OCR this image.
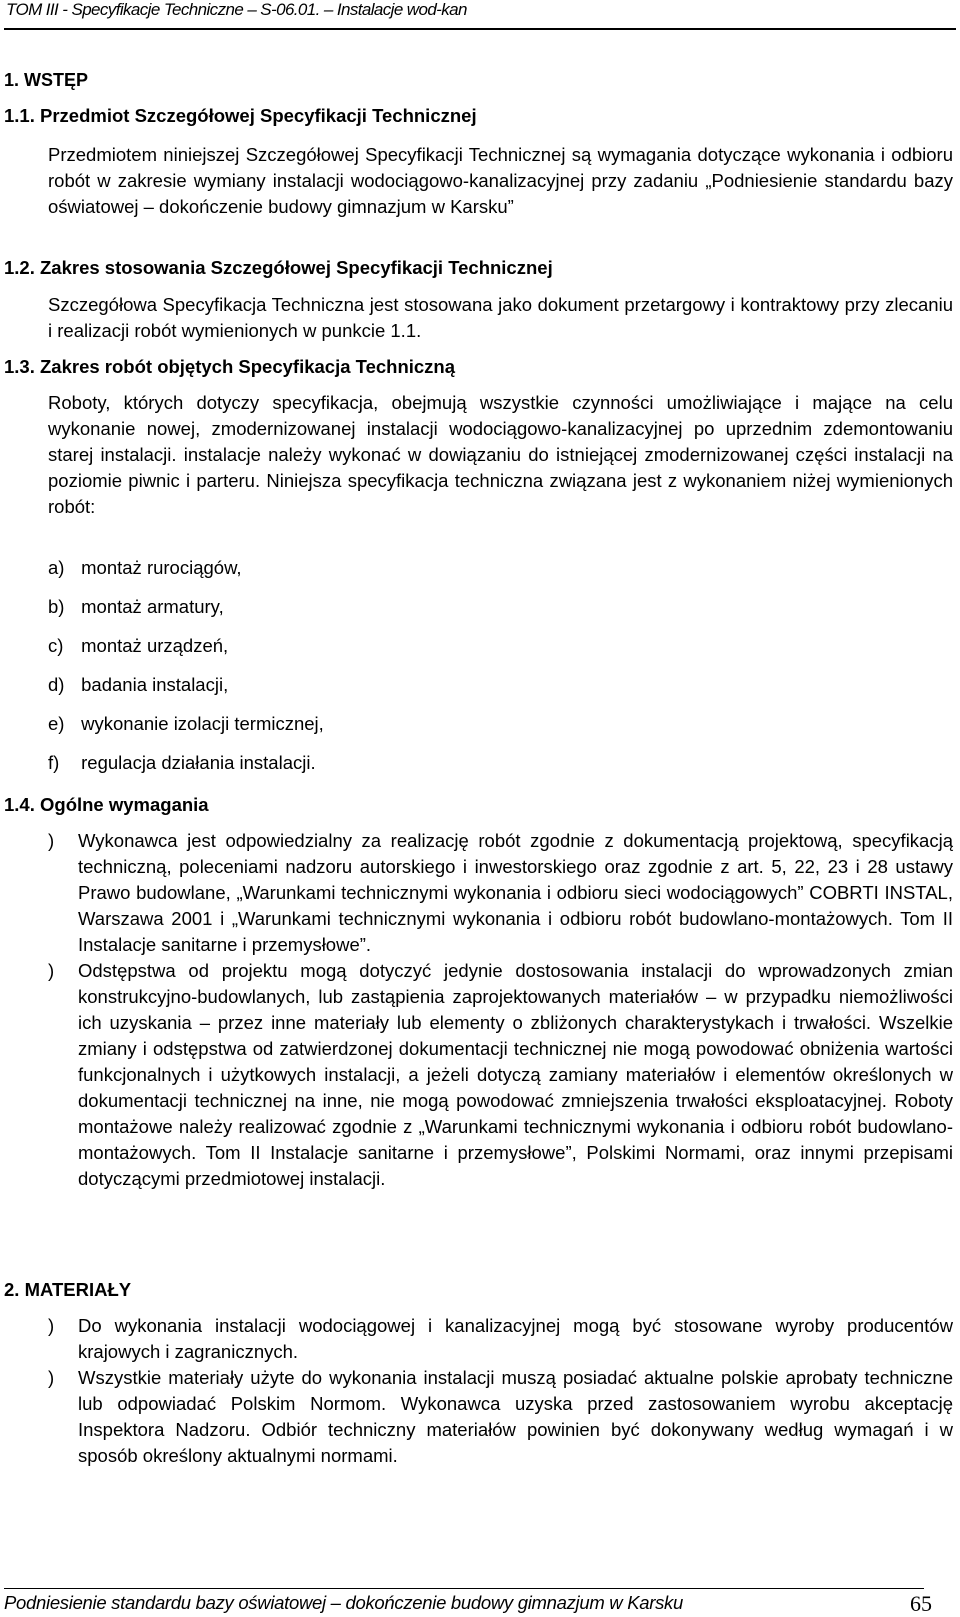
TOM III - Specyfikacje Techniczne – S-06.01. – Instalacje wod-kan
1. WSTĘP
1.1. Przedmiot Szczegółowej Specyfikacji Technicznej

Przedmiotem niniejszej Szczegółowej Specyfikacji Technicznej są wymagania dotyczące wykonania i odbioru robót w zakresie wymiany instalacji wodociągowo-kanalizacyjnej przy zadaniu „Podniesienie standardu bazy oświatowej – dokończenie budowy gimnazjum w Karsku”

1.2. Zakres stosowania Szczegółowej Specyfikacji Technicznej

Szczegółowa Specyfikacja Techniczna jest stosowana jako dokument przetargowy i kontraktowy przy zlecaniu i realizacji robót wymienionych w punkcie 1.1.

1.3. Zakres robót objętych Specyfikacja Techniczną

Roboty, których dotyczy specyfikacja, obejmują wszystkie czynności umożliwiające i mające na celu wykonanie nowej, zmodernizowanej instalacji wodociągowo-kanalizacyjnej po uprzednim zdemontowaniu starej instalacji. instalacje należy wykonać w dowiązaniu do istniejącej zmodernizowanej części instalacji na poziomie piwnic i parteru. Niniejsza specyfikacja techniczna związana jest z wykonaniem niżej wymienionych robót:

a) montaż rurociągów,
b) montaż armatury,
c) montaż urządzeń,
d) badania instalacji,
e) wykonanie izolacji termicznej,
f) regulacja działania instalacji.
1.4. Ogólne wymagania
) Wykonawca jest odpowiedzialny za realizację robót zgodnie z dokumentacją projektową, specyfikacją techniczną, poleceniami nadzoru autorskiego i inwestorskiego oraz zgodnie z art. 5, 22, 23 i 28 ustawy Prawo budowlane, „Warunkami technicznymi wykonania i odbioru sieci wodociągowych” COBRTI INSTAL, Warszawa 2001 i „Warunkami technicznymi wykonania i odbioru robót budowlano-montażowych. Tom II Instalacje sanitarne i przemysłowe”.
) Odstępstwa od projektu mogą dotyczyć jedynie dostosowania instalacji do wprowadzonych zmian konstrukcyjno-budowlanych, lub zastąpienia zaprojektowanych materiałów – w przypadku niemożliwości ich uzyskania – przez inne materiały lub elementy o zbliżonych charakterystykach i trwałości. Wszelkie zmiany i odstępstwa od zatwierdzonej dokumentacji technicznej nie mogą powodować obniżenia wartości funkcjonalnych i użytkowych instalacji, a jeżeli dotyczą zamiany materiałów i elementów określonych w dokumentacji technicznej na inne, nie mogą powodować zmniejszenia trwałości eksploatacyjnej. Roboty montażowe należy realizować zgodnie z „Warunkami technicznymi wykonania i odbioru robót budowlano-montażowych. Tom II Instalacje sanitarne i przemysłowe”, Polskimi Normami, oraz innymi przepisami dotyczącymi przedmiotowej instalacji.
2. MATERIAŁY
) Do wykonania instalacji wodociągowej i kanalizacyjnej mogą być stosowane wyroby producentów krajowych i zagranicznych.
) Wszystkie materiały użyte do wykonania instalacji muszą posiadać aktualne polskie aprobaty techniczne lub odpowiadać Polskim Normom. Wykonawca uzyska przed zastosowaniem wyrobu akceptację Inspektora Nadzoru. Odbiór techniczny materiałów powinien być dokonywany według wymagań i w sposób określony aktualnymi normami.
Podniesienie standardu bazy oświatowej – dokończenie budowy gimnazjum w Karsku	65
